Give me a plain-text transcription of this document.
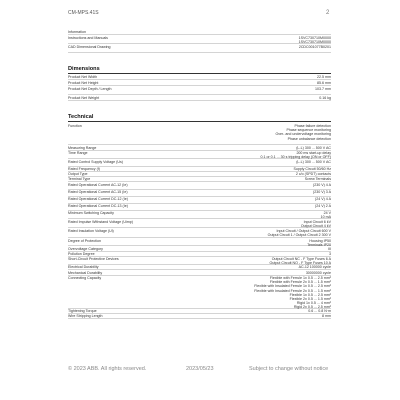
CM-MPS.41S	2
Information
Instructions and Manuals	1SVC730710M0000
1SVC730710M0000
CAD Dimensional Drawing	2CDC001077B0201
Dimensions
Product Net Width	22.5 mm
Product Net Height	85.6 mm
Product Net Depth / Length	103.7 mm
Product Net Weight	0.16 kg
Technical
Function	Phase failure detection
Phase sequence monitoring
Over- and undervoltage monitoring
Phase unbalance detection
Measuring Range	(L-L) 300 ... 500 V AC
Time Range	200 ms start-up delay
0.1 or 0.1 ... 30 s tripping delay (ON or OFF)
Rated Control Supply Voltage (Us)	(L-L) 300 ... 500 V AC
Rated Frequency (f)	Supply Circuit 50/60 Hz
Output Type	2 c/o (SPDT) contacts
Terminal Type	Screw Terminals
Rated Operational Current AC-12 (Ie)	(230 V) 4 A
Rated Operational Current AC-15 (Ie)	(230 V) 3 A
Rated Operational Current DC-12 (Ie)	(24 V) 4 A
Rated Operational Current DC-13 (Ie)	(24 V) 2 A
Minimum Switching Capacity	24 V
10 mA
Rated Impulse Withstand Voltage (Uimp)	Input Circuit 6 kV
Output Circuit 4 kV
Rated Insulation Voltage (Ui)	Input Circuit / Output Circuit 600 V
Output Circuit 1 / Output Circuit 2 300 V
Degree of Protection	Housing IP50
Terminals IP20
Overvoltage Category	III
Pollution Degree	3
Short-Circuit Protective Devices	Output Circuit NC - F Type Fuses 6 A
Output Circuit NO - F Type Fuses 10 A
Electrical Durability	AC-12 100000 cycle
Mechanical Durability	30000000 cycle
Connecting Capacity	Flexible with Ferrule 1x 0.5 ... 2.5 mm²
Flexible with Ferrule 2x 0.5 ... 1.5 mm²
Flexible with Insulated Ferrule 1x 0.5 ... 2.5 mm²
Flexible with Insulated Ferrule 2x 0.5 ... 1.5 mm²
Flexible 1x 0.5 ... 2.5 mm²
Flexible 2x 0.5 ... 1.5 mm²
Rigid 1x 0.5 ... 4 mm²
Rigid 2x 0.5 ... 2.5 mm²
Tightening Torque	0.6 ... 0.8 N·m
Wire Stripping Length	8 mm
© 2023 ABB. All rights reserved.	2023/05/23	Subject to change without notice
